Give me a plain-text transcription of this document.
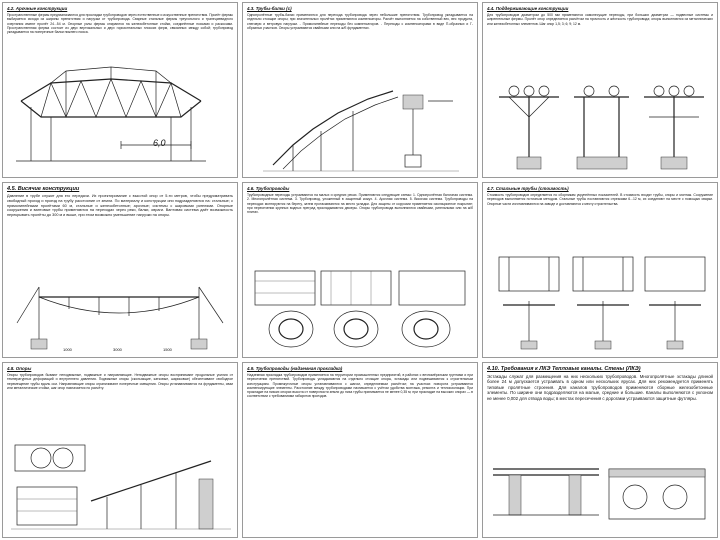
4.2. Арочные конструкции

Пространственные фермы предназначаются для прокладки трубопроводов через естественные и искусственные препятствия. Пролёт фермы выбирается исходя из ширины препятствия и нагрузки от трубопровода. Сварные стальные фермы треугольного и трапециевидного очертания имеют пролёт 24...54 м. Опорные узлы фермы опираются на железобетонные стойки, соединённые поясами и раскосами. Пространственная ферма состоит из двух вертикальных и двух горизонтальных плоских ферм, связанных между собой; трубопровод укладывается на поперечные балки нижнего пояса.

6,0
4.3. Трубы-балки (с)

Однопролётные трубы-балки применяются для перехода трубопровода через небольшие препятствия. Трубопровод укладывается на отдельно стоящие опоры; при значительных пролётах применяются компенсаторы. Расчёт выполняется на собственный вес, вес продукта, снеговую и ветровую нагрузки. - Прямолинейные переходы без компенсаторов. - Переходы с компенсаторами в виде П-образных и Г-образных участков. Опоры устраиваются свайными или на ж/б фундаментах.

4.4. Поддерживающие конструкции

Для трубопроводов диаметром до 500 мм применяются самонесущие переходы, при больших диаметрах — подвесные системы и шпренгельные фермы. Пролёт опор определяется расчётом на прочность и жёсткость трубопровода; опоры выполняются из металлических или железобетонных элементов. Шаг опор 1,5; 3; 6; 9; 12 м.

4.5. Висячие конструкции

Давление в трубе служит для его передачи. Их проектирование с высотой опор от 5-ти метров, чтобы предусматривать свободный проход и проезд на трубу расстояние от земли. По материалу и конструкции они подразделяются на: стальные; с прямолинейными пролётами 60 м, стальные и железобетонные; арочные; системы с шаровыми ригелями. Опорные сооружения и вантовые трубы применяются на переходах через реки, балки, овраги. Вантовая система даёт возможность перекрывать пролёты до 300 м и выше, при этом возможно уменьшение нагрузки на опоры.

1000	3000	1500
4.6. Трубопроводы

Трубопроводные переходы устраиваются на малых и средних реках. Применяются следующие схемы: 1. Однопролётная балочная система. 2. Многопролётная система. 3. Трубопровод, уложенный в защитный кожух. 4. Арочная система. 5. Висячая система. Трубопроводы на переходах монтируются на берегу, затем протаскиваются на место укладки. Для защиты от коррозии применяется изоляционное покрытие; при пересечении крупных водных преград прокладываются дюкеры. Опоры трубопровода выполняются свайными, ригельными или на ж/б плитах.

4.7. Стальные трубы (стоимость)

Стоимость трубопроводов определяется по сборникам укрупнённых показателей. В стоимость входят трубы, опоры и монтаж. Сооружение переходов выполняется поточным методом. Стальные трубы поставляются отрезками 6...12 м, их соединяют на месте с помощью сварки. Опорные части изготавливаются на заводе и доставляются к месту строительства.

4.8. Опоры

Опоры трубопроводов бывают неподвижные, подвижные и направляющие. Неподвижные опоры воспринимают продольные усилия от температурных деформаций и внутреннего давления. Подвижные опоры (скользящие, катковые, шариковые) обеспечивают свободное перемещение трубы вдоль оси. Направляющие опоры ограничивают поперечные смещения. Опоры устанавливаются на фундаменты, сваи или металлические стойки, шаг опор назначается по расчёту.

4.9. Трубопроводы (надземная прокладка)

Надземная прокладка трубопроводов применяется на территории промышленных предприятий, в районах с вечномёрзлыми грунтами и при пересечении препятствий. Трубопроводы укладываются на отдельно стоящие опоры, эстакады или подвешиваются к строительным конструкциям. Промежуточные опоры устанавливаются с шагом, определяемым расчётом; на участках поворота устраиваются компенсирующие элементы. Расстояние между трубопроводами назначается с учётом удобства монтажа, ремонта и теплоизоляции. При прокладке на низких опорах высота от поверхности земли до низа трубы принимается не менее 0,35 м; при прокладке на высоких опорах — в соответствии с требованиями габаритов проездов.

4.10. Требования к ЛКЭ Тепловые каналы. Стены (ЛКЭ)

Эстакады служат для размещения на них нескольких трубопроводов. Многопролётные эстакады длиной более 24 м допускается устраивать в одном или нескольких ярусах. Для них рекомендуется применять типовые пролётные строения. Для каналов трубопроводов применяются сборные железобетонные элементы. По ширине они подразделяются на малые, средние и большие. Каналы выполняются с уклоном не менее 0,002 для отвода воды; в местах пересечения с дорогами устраиваются защитные футляры.
